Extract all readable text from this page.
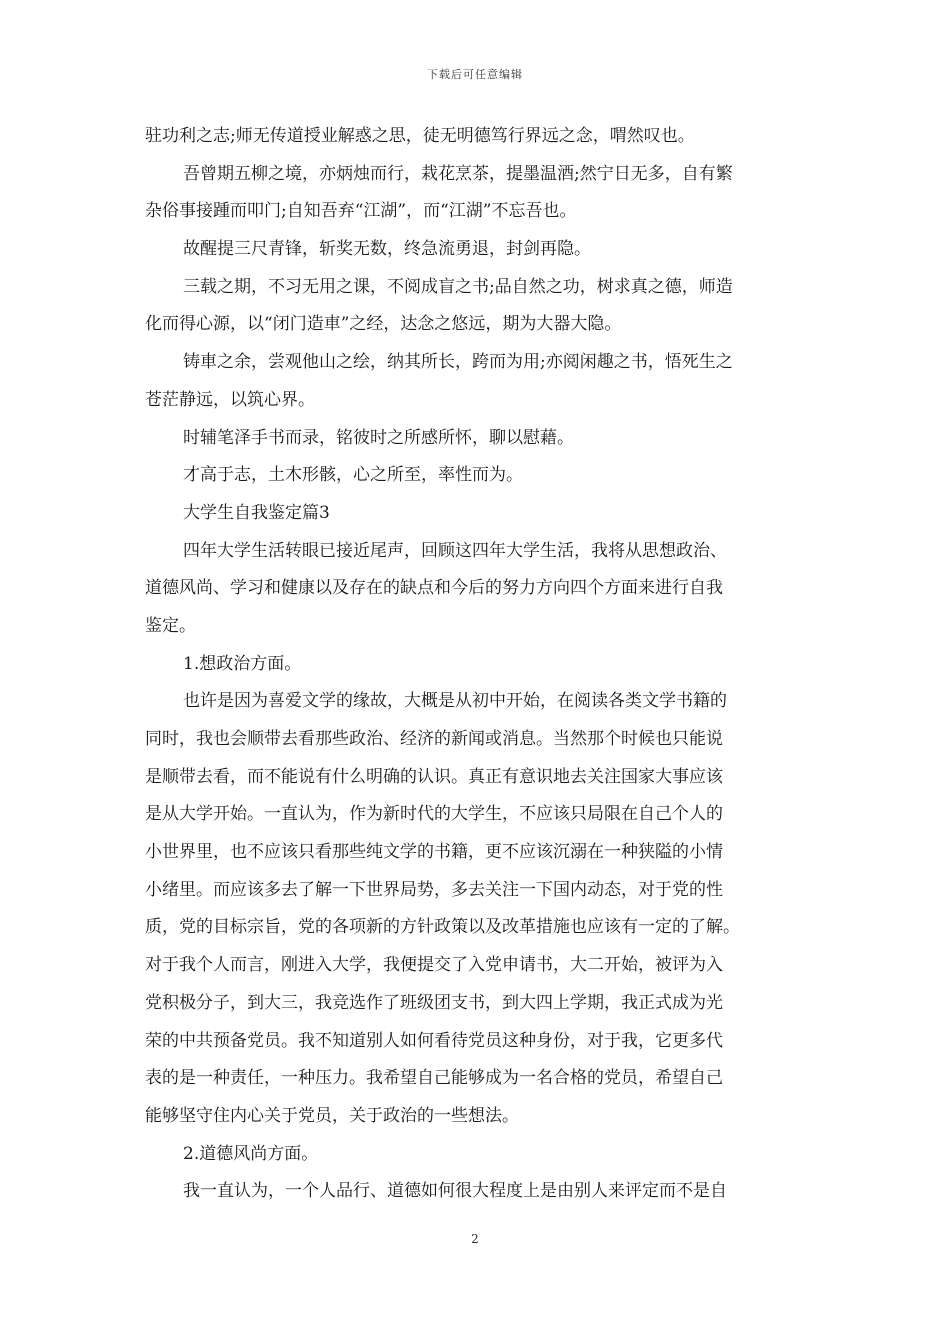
下载后可任意编辑
驻功利之志;师无传道授业解惑之思，徒无明德笃行界远之念，喟然叹也。
吾曾期五柳之境，亦炳烛而行，栽花烹茶，提墨温酒;然宁日无多，自有繁
杂俗事接踵而叩门;自知吾弃“江湖”，而“江湖”不忘吾也。
故醒提三尺青锋，斩奖无数，终急流勇退，封剑再隐。
三载之期，不习无用之课，不阅成盲之书;品自然之功，树求真之德，师造
化而得心源，以“闭门造車”之经，达念之悠远，期为大器大隐。
铸車之余，尝观他山之绘，纳其所长，跨而为用;亦阅闲趣之书，悟死生之
苍茫静远，以筑心界。
时辅笔泽手书而录，铭彼时之所感所怀，聊以慰藉。
才高于志，土木形骸，心之所至，率性而为。
大学生自我鉴定篇3
四年大学生活转眼已接近尾声，回顾这四年大学生活，我将从思想政治、
道德风尚、学习和健康以及存在的缺点和今后的努力方向四个方面来进行自我
鉴定。
1.想政治方面。
也许是因为喜爱文学的缘故，大概是从初中开始，在阅读各类文学书籍的
同时，我也会顺带去看那些政治、经济的新闻或消息。当然那个时候也只能说
是顺带去看，而不能说有什么明确的认识。真正有意识地去关注国家大事应该
是从大学开始。一直认为，作为新时代的大学生，不应该只局限在自己个人的
小世界里，也不应该只看那些纯文学的书籍，更不应该沉溺在一种狭隘的小情
小绪里。而应该多去了解一下世界局势，多去关注一下国内动态，对于党的性
质，党的目标宗旨，党的各项新的方针政策以及改革措施也应该有一定的了解。
对于我个人而言，刚进入大学，我便提交了入党申请书，大二开始，被评为入
党积极分子，到大三，我竞选作了班级团支书，到大四上学期，我正式成为光
荣的中共预备党员。我不知道别人如何看待党员这种身份，对于我，它更多代
表的是一种责任，一种压力。我希望自己能够成为一名合格的党员，希望自己
能够坚守住内心关于党员，关于政治的一些想法。
2.道德风尚方面。
我一直认为，一个人品行、道德如何很大程度上是由别人来评定而不是自
2
